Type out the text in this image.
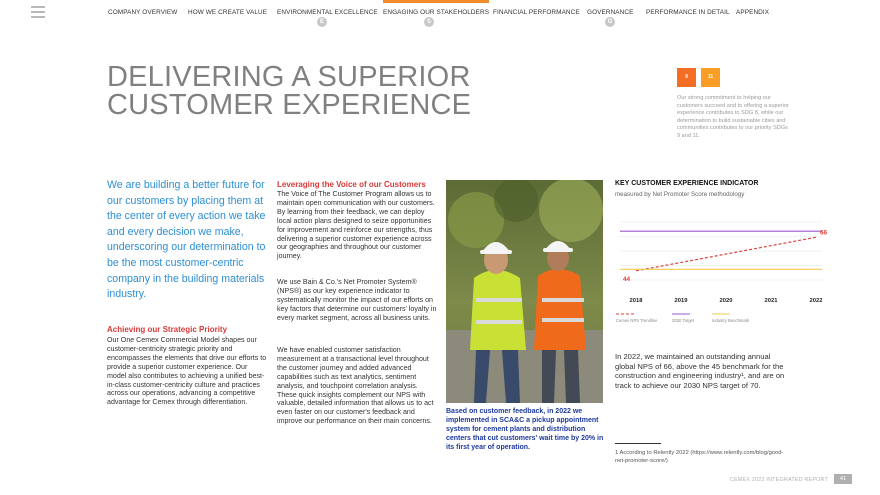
COMPANY OVERVIEW HOW WE CREATE VALUE ENVIRONMENTAL EXCELLENCE ENGAGING OUR STAKEHOLDERS FINANCIAL PERFORMANCE GOVERNANCE PERFORMANCE IN DETAIL APPENDIX
E	S	G
DELIVERING A SUPERIOR
CUSTOMER EXPERIENCE
9	11

Our strong commitment to helping our customers succeed and to offering a superior experience contributes to SDG 8, while our determination to build sustainable cities and communities contributes to our priority SDGs 9 and 11.

We are building a better future for our customers by placing them at the center of every action we take and every decision we make, underscoring our determination to be the most customer-centric company in the building materials industry.

Achieving our Strategic Priority

Our One Cemex Commercial Model shapes our customer-centricity strategic priority and encompasses the elements that drive our efforts to provide a superior customer experience. Our model also contributes to achieving a unified best-in-class customer-centricity culture and practices across our operations, advancing a competitive advantage for Cemex through differentiation.

Leveraging the Voice of our Customers

The Voice of The Customer Program allows us to maintain open communication with our customers. By learning from their feedback, we can deploy local action plans designed to seize opportunities for improvement and reinforce our strengths, thus delivering a superior customer experience across our geographies and throughout our customer journey.

We use Bain & Co.'s Net Promoter System® (NPS®) as our key experience indicator to systematically monitor the impact of our efforts on key factors that determine our customers' loyalty in every market segment, across all business units.

We have enabled customer satisfaction measurement at a transactional level throughout the customer journey and added advanced capabilities such as text analytics, sentiment analysis, and touchpoint correlation analysis. These quick insights complement our NPS with valuable, detailed information that allows us to act even faster on our customer's feedback and improve our performance on their main concerns.

Based on customer feedback, in 2022 we implemented in SCA&C a pickup appointment system for cement plants and distribution centers that cut customers' wait time by 20% in its first year of operation.

KEY CUSTOMER EXPERIENCE INDICATOR
measured by Net Promoter Score methodology
44
66
2018	2019	2020	2021	2022
Cemex NPS Trendline	2030 Target	Industry Benchmark

In 2022, we maintained an outstanding annual global NPS of 66, above the 45 benchmark for the construction and engineering industry¹, and are on track to achieve our 2030 NPS target of 70.

1 According to Relently 2022 (https://www.relently.com/blog/good-net-promoter-score/)

CEMEX 2022 INTEGRATED REPORT	41
